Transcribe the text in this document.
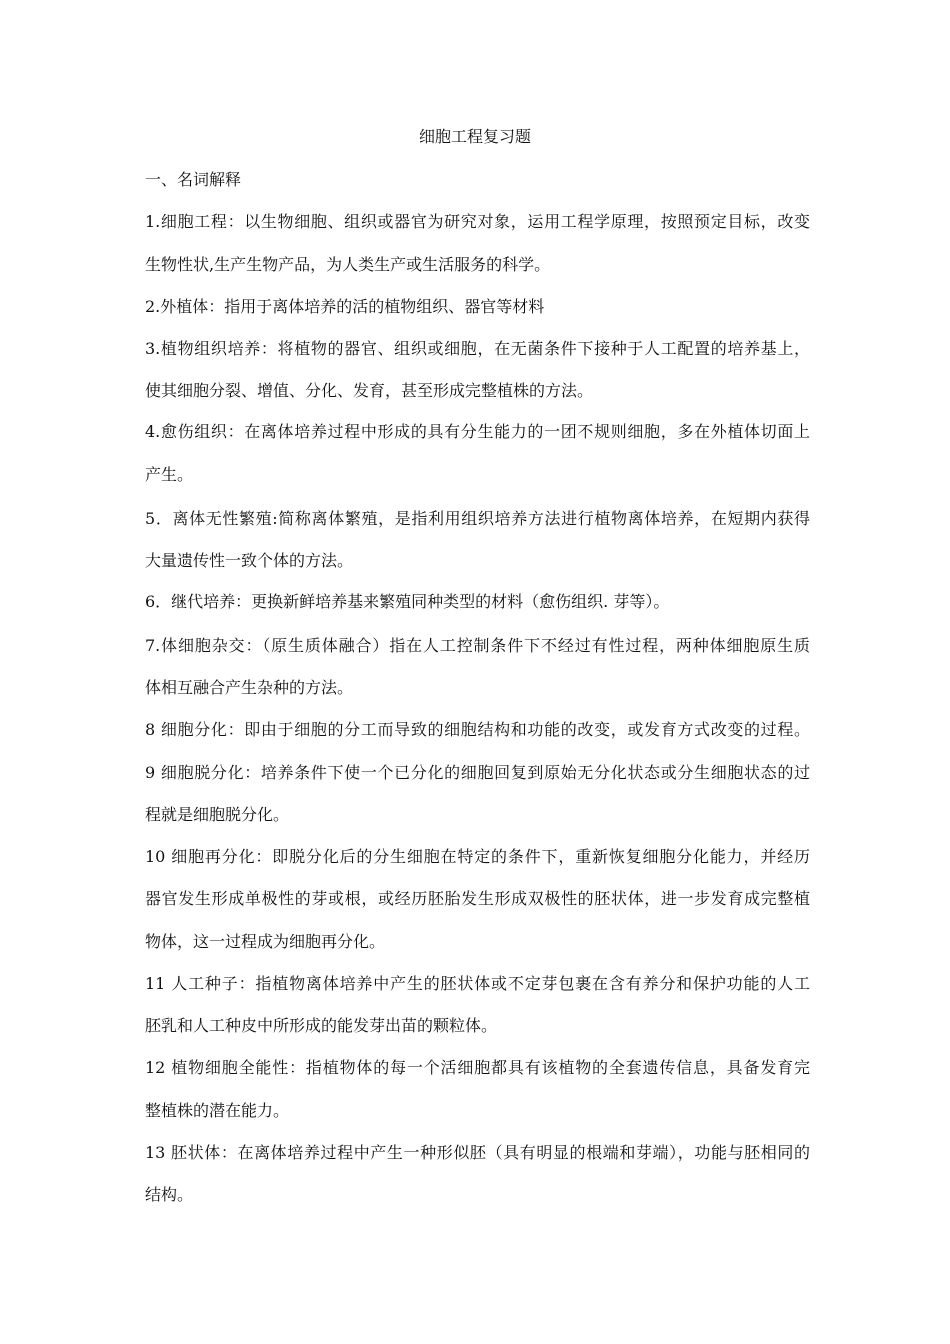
细胞工程复习题
一、名词解释
1.细胞工程：以生物细胞、组织或器官为研究对象，运用工程学原理，按照预定目标，改变
生物性状,生产生物产品，为人类生产或生活服务的科学。
2.外植体：指用于离体培养的活的植物组织、器官等材料
3.植物组织培养：将植物的器官、组织或细胞，在无菌条件下接种于人工配置的培养基上，
使其细胞分裂、增值、分化、发育，甚至形成完整植株的方法。
4.愈伤组织：在离体培养过程中形成的具有分生能力的一团不规则细胞，多在外植体切面上
产生。
5．离体无性繁殖:简称离体繁殖，是指利用组织培养方法进行植物离体培养，在短期内获得
大量遗传性一致个体的方法。
6．继代培养：更换新鲜培养基来繁殖同种类型的材料（愈伤组织. 芽等）。
7.体细胞杂交：（原生质体融合）指在人工控制条件下不经过有性过程，两种体细胞原生质
体相互融合产生杂种的方法。
8 细胞分化：即由于细胞的分工而导致的细胞结构和功能的改变，或发育方式改变的过程。
9 细胞脱分化：培养条件下使一个已分化的细胞回复到原始无分化状态或分生细胞状态的过
程就是细胞脱分化。
10 细胞再分化：即脱分化后的分生细胞在特定的条件下，重新恢复细胞分化能力，并经历
器官发生形成单极性的芽或根，或经历胚胎发生形成双极性的胚状体，进一步发育成完整植
物体，这一过程成为细胞再分化。
11 人工种子：指植物离体培养中产生的胚状体或不定芽包裹在含有养分和保护功能的人工
胚乳和人工种皮中所形成的能发芽出苗的颗粒体。
12 植物细胞全能性：指植物体的每一个活细胞都具有该植物的全套遗传信息，具备发育完
整植株的潜在能力。
13 胚状体：在离体培养过程中产生一种形似胚（具有明显的根端和芽端），功能与胚相同的
结构。
